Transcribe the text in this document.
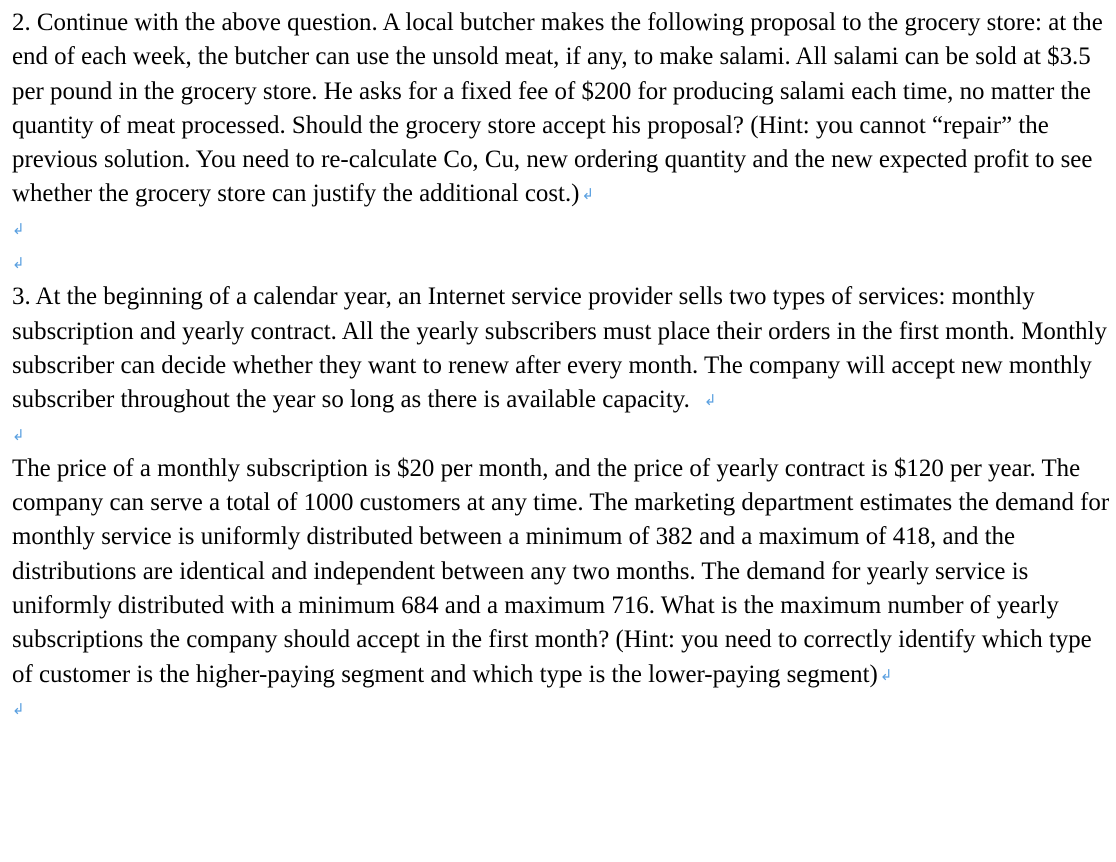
2. Continue with the above question. A local butcher makes the following proposal to the grocery store: at the end of each week, the butcher can use the unsold meat, if any, to make salami. All salami can be sold at $3.5 per pound in the grocery store. He asks for a fixed fee of $200 for producing salami each time, no matter the quantity of meat processed. Should the grocery store accept his proposal? (Hint: you cannot “repair” the previous solution. You need to re-calculate Co, Cu, new ordering quantity and the new expected profit to see whether the grocery store can justify the additional cost.) ↲

↲
↲

3. At the beginning of a calendar year, an Internet service provider sells two types of services: monthly subscription and yearly contract. All the yearly subscribers must place their orders in the first month. Monthly subscriber can decide whether they want to renew after every month. The company will accept new monthly subscriber throughout the year so long as there is available capacity. ↲

↲

The price of a monthly subscription is $20 per month, and the price of yearly contract is $120 per year. The company can serve a total of 1000 customers at any time. The marketing department estimates the demand for monthly service is uniformly distributed between a minimum of 382 and a maximum of 418, and the distributions are identical and independent between any two months. The demand for yearly service is uniformly distributed with a minimum 684 and a maximum 716. What is the maximum number of yearly subscriptions the company should accept in the first month? (Hint: you need to correctly identify which type of customer is the higher-paying segment and which type is the lower-paying segment) ↲

↲
